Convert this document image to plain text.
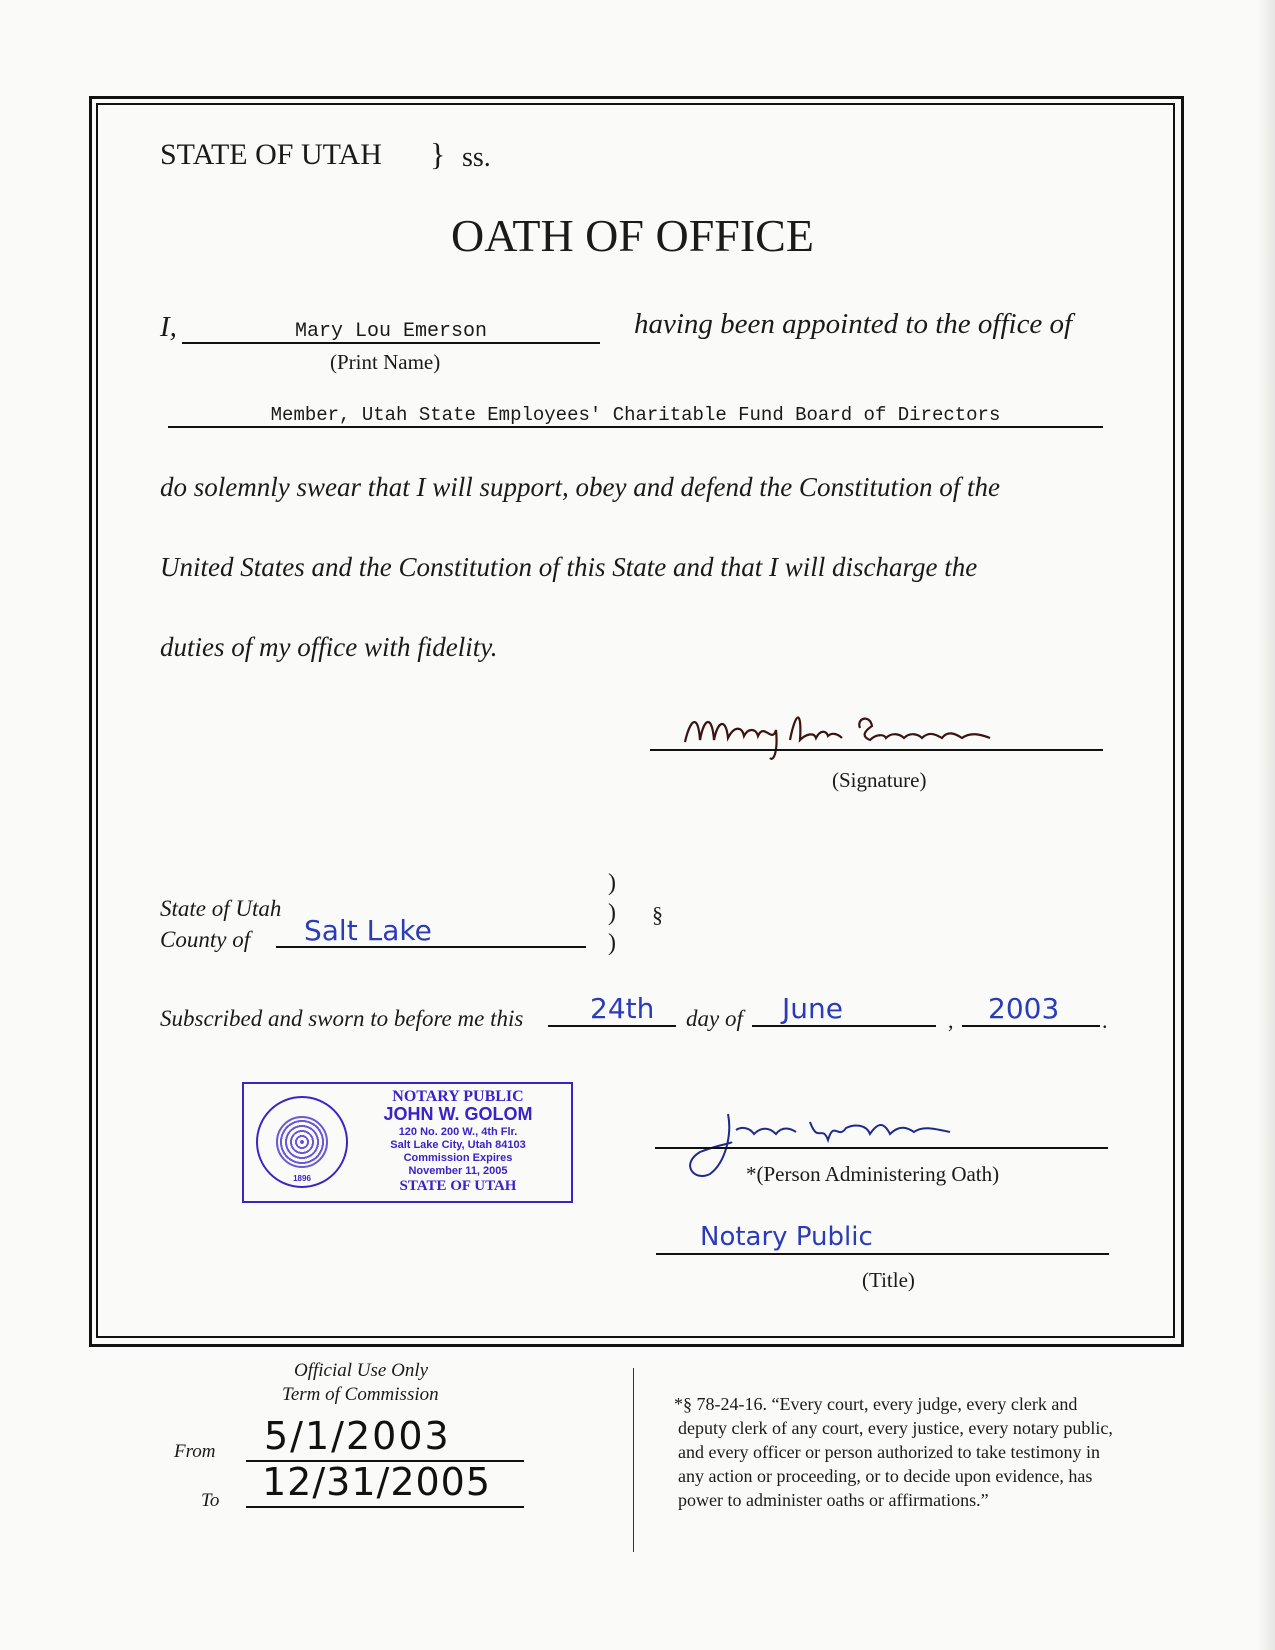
STATE OF UTAH } ss.
OATH OF OFFICE
I,	Mary Lou Emerson	having been appointed to the office of
(Print Name)
Member, Utah State Employees' Charitable Fund Board of Directors
do solemnly swear that I will support, obey and defend the Constitution of the
United States and the Constitution of this State and that I will discharge the
duties of my office with fidelity.
(Signature)
State of Utah
County of Salt Lake
)
)
)
§
Subscribed and sworn to before me this 24th day of June	, 2003 .
1896
NOTARY PUBLIC
JOHN W. GOLOM
120 No. 200 W., 4th Flr.
Salt Lake City, Utah 84103
Commission Expires
November 11, 2005
STATE OF UTAH	*(Person Administering Oath)
Notary Public
(Title)
Official Use Only
Term of Commission
From 5/1/2003
To 12/31/2005
*§ 78-24-16. “Every court, every judge, every clerk and
deputy clerk of any court, every justice, every notary public,
and every officer or person authorized to take testimony in
any action or proceeding, or to decide upon evidence, has
power to administer oaths or affirmations.”
